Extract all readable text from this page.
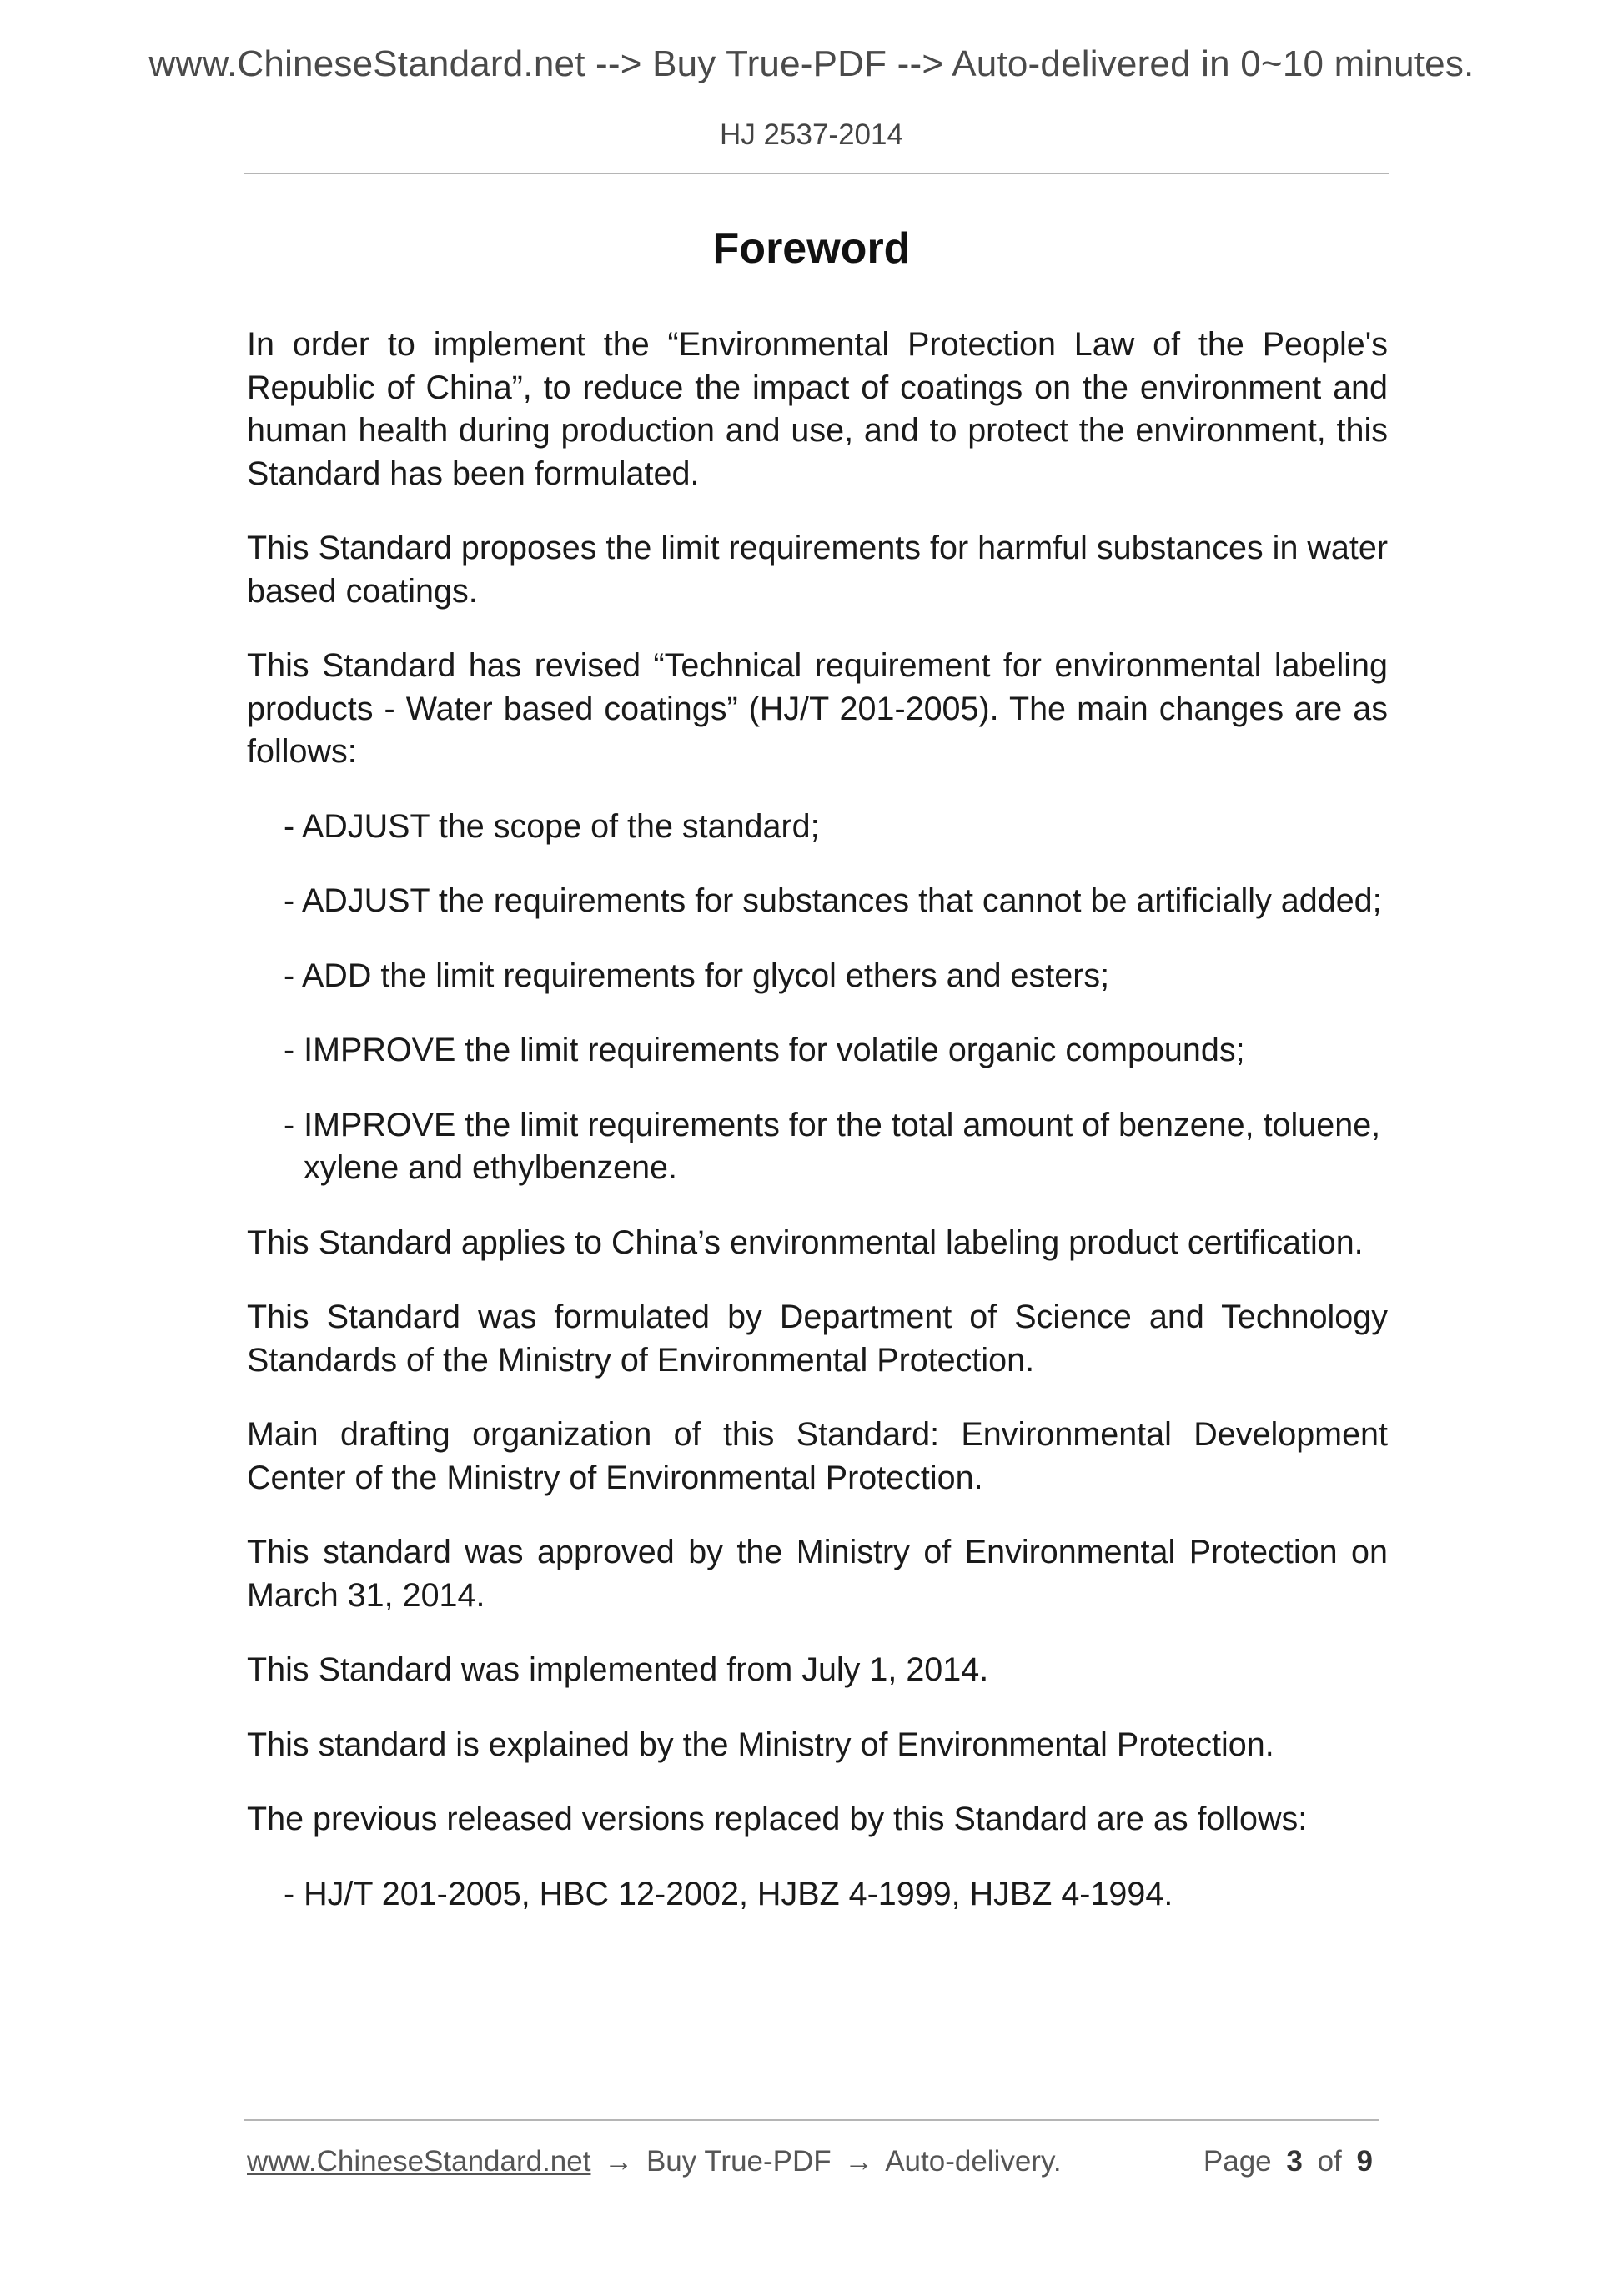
www.ChineseStandard.net --> Buy True-PDF --> Auto-delivered in 0~10 minutes.
HJ 2537-2014
Foreword

In order to implement the “Environmental Protection Law of the People's Republic of China”, to reduce the impact of coatings on the environment and human health during production and use, and to protect the environment, this Standard has been formulated.

This Standard proposes the limit requirements for harmful substances in water based coatings.

This Standard has revised “Technical requirement for environmental labeling products - Water based coatings” (HJ/T 201-2005). The main changes are as follows:

- ADJUST the scope of the standard;

- ADJUST the requirements for substances that cannot be artificially added;

- ADD the limit requirements for glycol ethers and esters;

- IMPROVE the limit requirements for volatile organic compounds;

- IMPROVE the limit requirements for the total amount of benzene, toluene, xylene and ethylbenzene.

This Standard applies to China’s environmental labeling product certification.

This Standard was formulated by Department of Science and Technology Standards of the Ministry of Environmental Protection.

Main drafting organization of this Standard: Environmental Development Center of the Ministry of Environmental Protection.

This standard was approved by the Ministry of Environmental Protection on March 31, 2014.

This Standard was implemented from July 1, 2014.

This standard is explained by the Ministry of Environmental Protection.

The previous released versions replaced by this Standard are as follows:

- HJ/T 201-2005, HBC 12-2002, HJBZ 4-1999, HJBZ 4-1994.

www.ChineseStandard.net → Buy True-PDF → Auto-delivery.	Page 3 of 9
